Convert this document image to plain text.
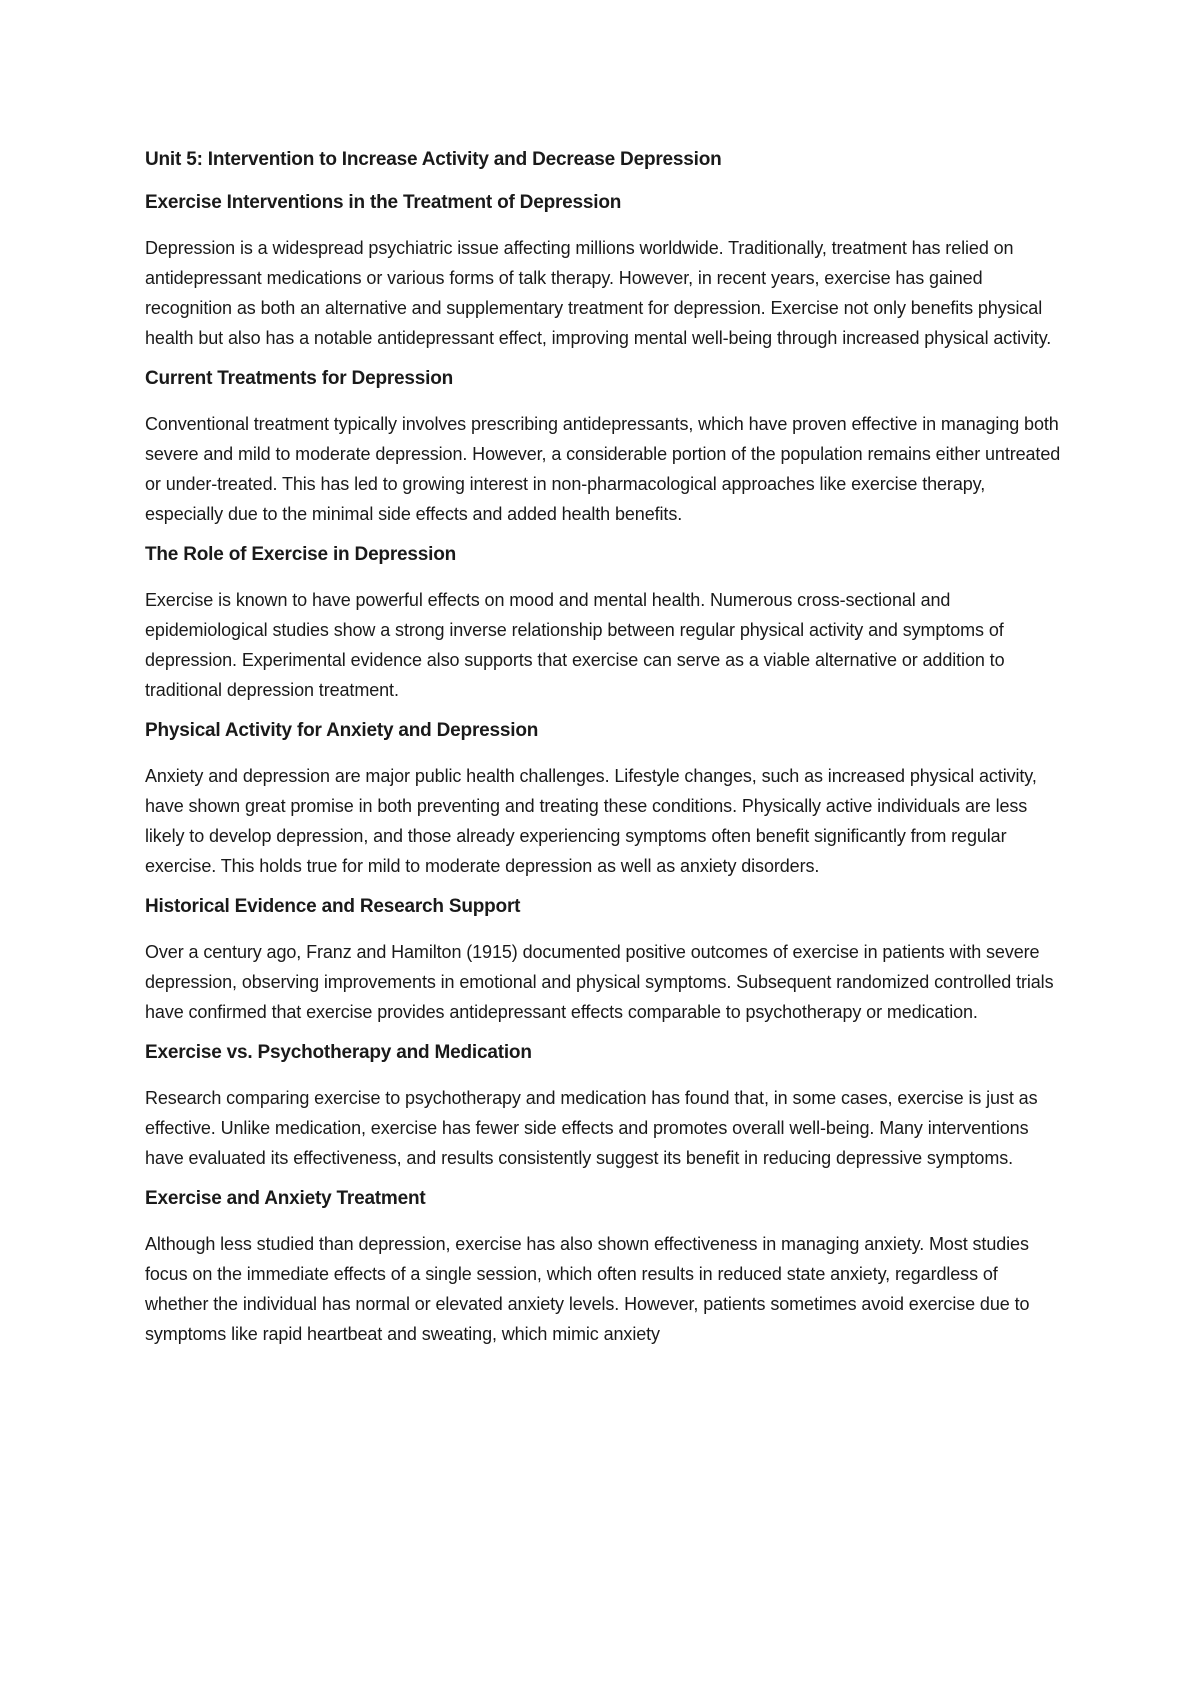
Unit 5: Intervention to Increase Activity and Decrease Depression
Exercise Interventions in the Treatment of Depression

Depression is a widespread psychiatric issue affecting millions worldwide. Traditionally, treatment has relied on antidepressant medications or various forms of talk therapy. However, in recent years, exercise has gained recognition as both an alternative and supplementary treatment for depression. Exercise not only benefits physical health but also has a notable antidepressant effect, improving mental well-being through increased physical activity.

Current Treatments for Depression

Conventional treatment typically involves prescribing antidepressants, which have proven effective in managing both severe and mild to moderate depression. However, a considerable portion of the population remains either untreated or under-treated. This has led to growing interest in non-pharmacological approaches like exercise therapy, especially due to the minimal side effects and added health benefits.

The Role of Exercise in Depression

Exercise is known to have powerful effects on mood and mental health. Numerous cross-sectional and epidemiological studies show a strong inverse relationship between regular physical activity and symptoms of depression. Experimental evidence also supports that exercise can serve as a viable alternative or addition to traditional depression treatment.

Physical Activity for Anxiety and Depression

Anxiety and depression are major public health challenges. Lifestyle changes, such as increased physical activity, have shown great promise in both preventing and treating these conditions. Physically active individuals are less likely to develop depression, and those already experiencing symptoms often benefit significantly from regular exercise. This holds true for mild to moderate depression as well as anxiety disorders.

Historical Evidence and Research Support

Over a century ago, Franz and Hamilton (1915) documented positive outcomes of exercise in patients with severe depression, observing improvements in emotional and physical symptoms. Subsequent randomized controlled trials have confirmed that exercise provides antidepressant effects comparable to psychotherapy or medication.

Exercise vs. Psychotherapy and Medication

Research comparing exercise to psychotherapy and medication has found that, in some cases, exercise is just as effective. Unlike medication, exercise has fewer side effects and promotes overall well-being. Many interventions have evaluated its effectiveness, and results consistently suggest its benefit in reducing depressive symptoms.

Exercise and Anxiety Treatment

Although less studied than depression, exercise has also shown effectiveness in managing anxiety. Most studies focus on the immediate effects of a single session, which often results in reduced state anxiety, regardless of whether the individual has normal or elevated anxiety levels. However, patients sometimes avoid exercise due to symptoms like rapid heartbeat and sweating, which mimic anxiety
